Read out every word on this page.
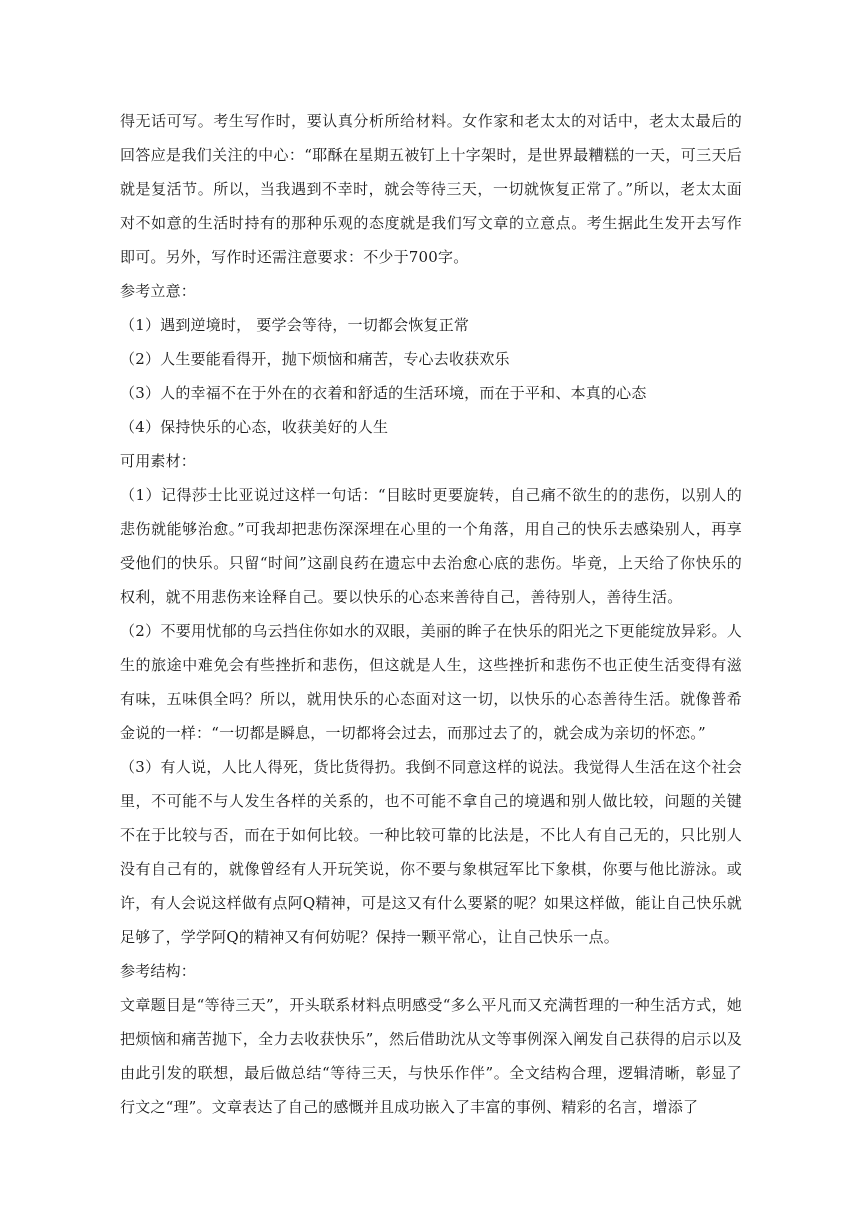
得无话可写。考生写作时，要认真分析所给材料。女作家和老太太的对话中，老太太最后的回答应是我们关注的中心：“耶酥在星期五被钉上十字架时，是世界最糟糕的一天，可三天后就是复活节。所以，当我遇到不幸时，就会等待三天，一切就恢复正常了。”所以，老太太面对不如意的生活时持有的那种乐观的态度就是我们写文章的立意点。考生据此生发开去写作即可。另外，写作时还需注意要求：不少于700字。

参考立意：

（1）遇到逆境时， 要学会等待，一切都会恢复正常

（2）人生要能看得开，抛下烦恼和痛苦，专心去收获欢乐

（3）人的幸福不在于外在的衣着和舒适的生活环境，而在于平和、本真的心态

（4）保持快乐的心态，收获美好的人生

可用素材：

（1）记得莎士比亚说过这样一句话：“目眩时更要旋转，自己痛不欲生的的悲伤，以别人的悲伤就能够治愈。”可我却把悲伤深深埋在心里的一个角落，用自己的快乐去感染别人，再享受他们的快乐。只留“时间”这副良药在遗忘中去治愈心底的悲伤。毕竟，上天给了你快乐的权利，就不用悲伤来诠释自己。要以快乐的心态来善待自己，善待别人，善待生活。

（2）不要用忧郁的乌云挡住你如水的双眼，美丽的眸子在快乐的阳光之下更能绽放异彩。人生的旅途中难免会有些挫折和悲伤，但这就是人生，这些挫折和悲伤不也正使生活变得有滋有味，五味俱全吗？所以，就用快乐的心态面对这一切，以快乐的心态善待生活。就像普希金说的一样：“一切都是瞬息，一切都将会过去，而那过去了的，就会成为亲切的怀恋。”

（3）有人说，人比人得死，货比货得扔。我倒不同意这样的说法。我觉得人生活在这个社会里，不可能不与人发生各样的关系的，也不可能不拿自己的境遇和别人做比较，问题的关键不在于比较与否，而在于如何比较。一种比较可靠的比法是，不比人有自己无的，只比别人没有自己有的，就像曾经有人开玩笑说，你不要与象棋冠军比下象棋，你要与他比游泳。或许，有人会说这样做有点阿Q精神，可是这又有什么要紧的呢？如果这样做，能让自己快乐就足够了，学学阿Q的精神又有何妨呢？保持一颗平常心，让自己快乐一点。

参考结构：

文章题目是“等待三天”，开头联系材料点明感受“多么平凡而又充满哲理的一种生活方式，她把烦恼和痛苦抛下，全力去收获快乐”，然后借助沈从文等事例深入阐发自己获得的启示以及由此引发的联想，最后做总结“等待三天，与快乐作伴”。全文结构合理，逻辑清晰，彰显了行文之“理”。文章表达了自己的感慨并且成功嵌入了丰富的事例、精彩的名言，增添了
